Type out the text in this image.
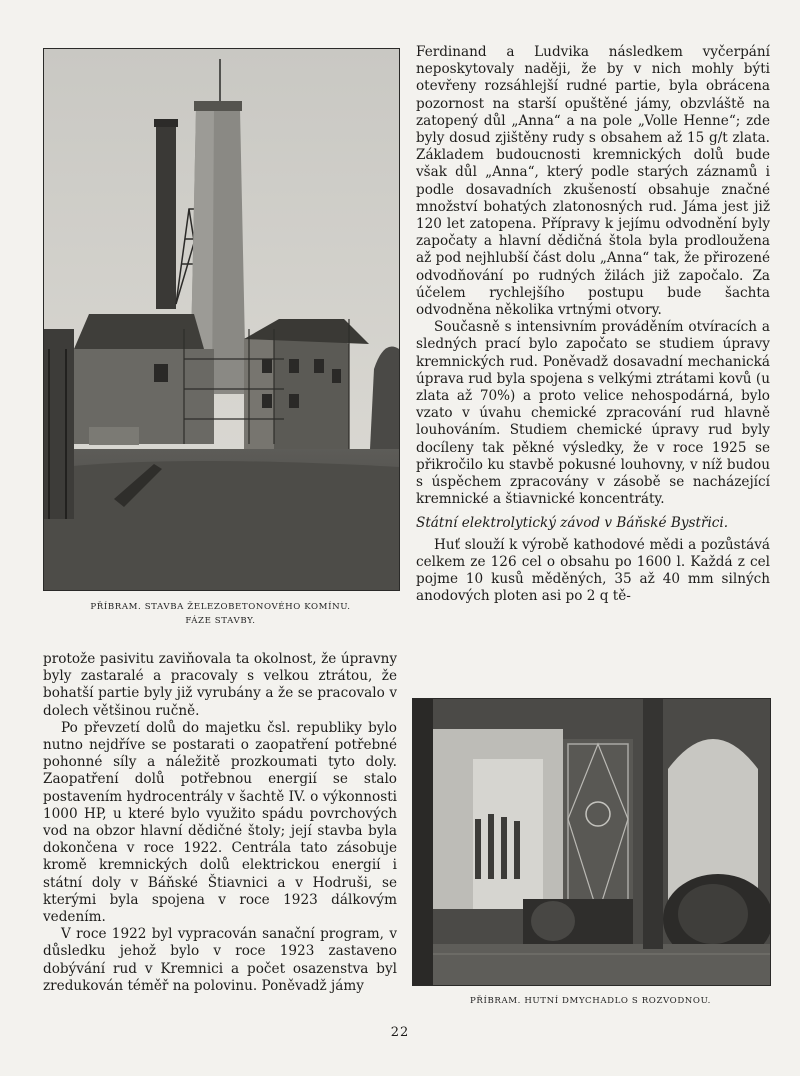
PŘÍBRAM. STAVBA ŽELEZOBETONOVÉHO KOMÍNU.
FÁZE STAVBY.

Ferdinand a Ludvika následkem vyčerpání neposkytovaly naději, že by v nich mohly býti otevřeny rozsáhlejší rudné partie, byla obrácena pozornost na starší opuštěné jámy, obzvláště na zatopený důl „Anna“ a na pole „Volle Henne“; zde byly dosud zjištěny rudy s obsahem až 15 g/t zlata. Základem budoucnosti kremnických dolů bude však důl „Anna“, který podle starých záznamů i podle dosavadních zkušeností obsahuje značné množství bohatých zlatonosných rud. Jáma jest již 120 let zatopena. Přípravy k jejímu odvodnění byly započaty a hlavní dědičná štola byla prodloužena až pod nejhlubší část dolu „Anna“ tak, že přirozené odvodňování po rudných žilách již započalo. Za účelem rychlejšího postupu bude šachta odvodněna několika vrtnými otvory.

Současně s intensivním prováděním otvíracích a sledných prací bylo započato se studiem úpravy kremnických rud. Poněvadž dosavadní mechanická úprava rud byla spojena s velkými ztrátami kovů (u zlata až 70%) a proto velice nehospodárná, bylo vzato v úvahu chemické zpracování rud hlavně louhováním. Studiem chemické úpravy rud byly docíleny tak pěkné výsledky, že v roce 1925 se přikročilo ku stavbě pokusné louhovny, v níž budou s úspěchem zpracovány v zásobě se nacházející kremnické a štiavnické koncentráty.

Státní elektrolytický závod v Báňské Bystřici.

Huť slouží k výrobě kathodové mědi a pozůstává celkem ze 126 cel o obsahu po 1600 l. Každá z cel pojme 10 kusů měděných, 35 až 40 mm silných anodových ploten asi po 2 q tě-

protože pasivitu zaviňovala ta okolnost, že úpravny byly zastaralé a pracovaly s velkou ztrátou, že bohatší partie byly již vyrubány a že se pracovalo v dolech většinou ručně.

Po převzetí dolů do majetku čsl. republiky bylo nutno nejdříve se postarati o zaopatření potřebné pohonné síly a náležitě prozkoumati tyto doly. Zaopatření dolů potřebnou energií se stalo postavením hydrocentrály v šachtě IV. o výkonnosti 1000 HP, u které bylo využito spádu povrchových vod na obzor hlavní dědičné štoly; její stavba byla dokončena v roce 1922. Centrála tato zásobuje kromě kremnických dolů elektrickou energií i státní doly v Báňské Štiavnici a v Hodruši, se kterými byla spojena v roce 1923 dálkovým vedením.

V roce 1922 byl vypracován sanační program, v důsledku jehož bylo v roce 1923 zastaveno dobývání rud v Kremnici a počet osazenstva byl zredukován téměř na polovinu. Poněvadž jámy

PŘÍBRAM. HUTNÍ DMYCHADLO S ROZVODNOU.
22
